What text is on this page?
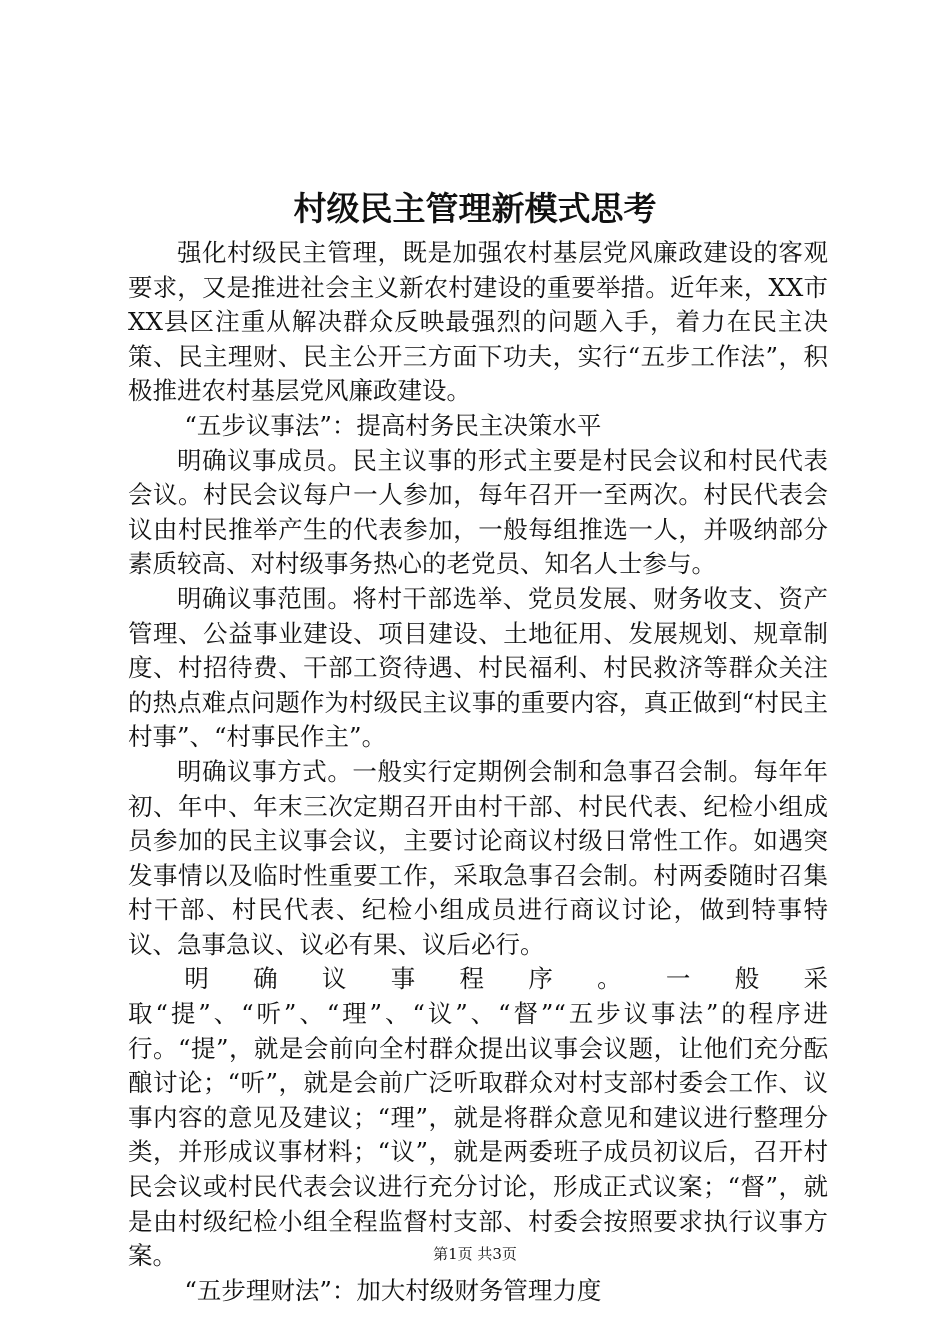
村级民主管理新模式思考

强化村级民主管理，既是加强农村基层党风廉政建设的客观要求，又是推进社会主义新农村建设的重要举措。近年来，XX市XX县区注重从解决群众反映最强烈的问题入手，着力在民主决策、民主理财、民主公开三方面下功夫，实行“五步工作法”，积极推进农村基层党风廉政建设。

“五步议事法”：提高村务民主决策水平

明确议事成员。民主议事的形式主要是村民会议和村民代表会议。村民会议每户一人参加，每年召开一至两次。村民代表会议由村民推举产生的代表参加，一般每组推选一人，并吸纳部分素质较高、对村级事务热心的老党员、知名人士参与。

明确议事范围。将村干部选举、党员发展、财务收支、资产管理、公益事业建设、项目建设、土地征用、发展规划、规章制度、村招待费、干部工资待遇、村民福利、村民救济等群众关注的热点难点问题作为村级民主议事的重要内容，真正做到“村民主村事”、“村事民作主”。

明确议事方式。一般实行定期例会制和急事召会制。每年年初、年中、年末三次定期召开由村干部、村民代表、纪检小组成员参加的民主议事会议，主要讨论商议村级日常性工作。如遇突发事情以及临时性重要工作，采取急事召会制。村两委随时召集村干部、村民代表、纪检小组成员进行商议讨论，做到特事特议、急事急议、议必有果、议后必行。

明确议事程序。一般采取“提”、“听”、“理”、“议”、“督”“五步议事法”的程序进行。“提”，就是会前向全村群众提出议事会议题，让他们充分酝酿讨论；“听”，就是会前广泛听取群众对村支部村委会工作、议事内容的意见及建议；“理”，就是将群众意见和建议进行整理分类，并形成议事材料；“议”，就是两委班子成员初议后，召开村民会议或村民代表会议进行充分讨论，形成正式议案；“督”，就是由村级纪检小组全程监督村支部、村委会按照要求执行议事方案。

“五步理财法”：加大村级财务管理力度

第1页 共3页
